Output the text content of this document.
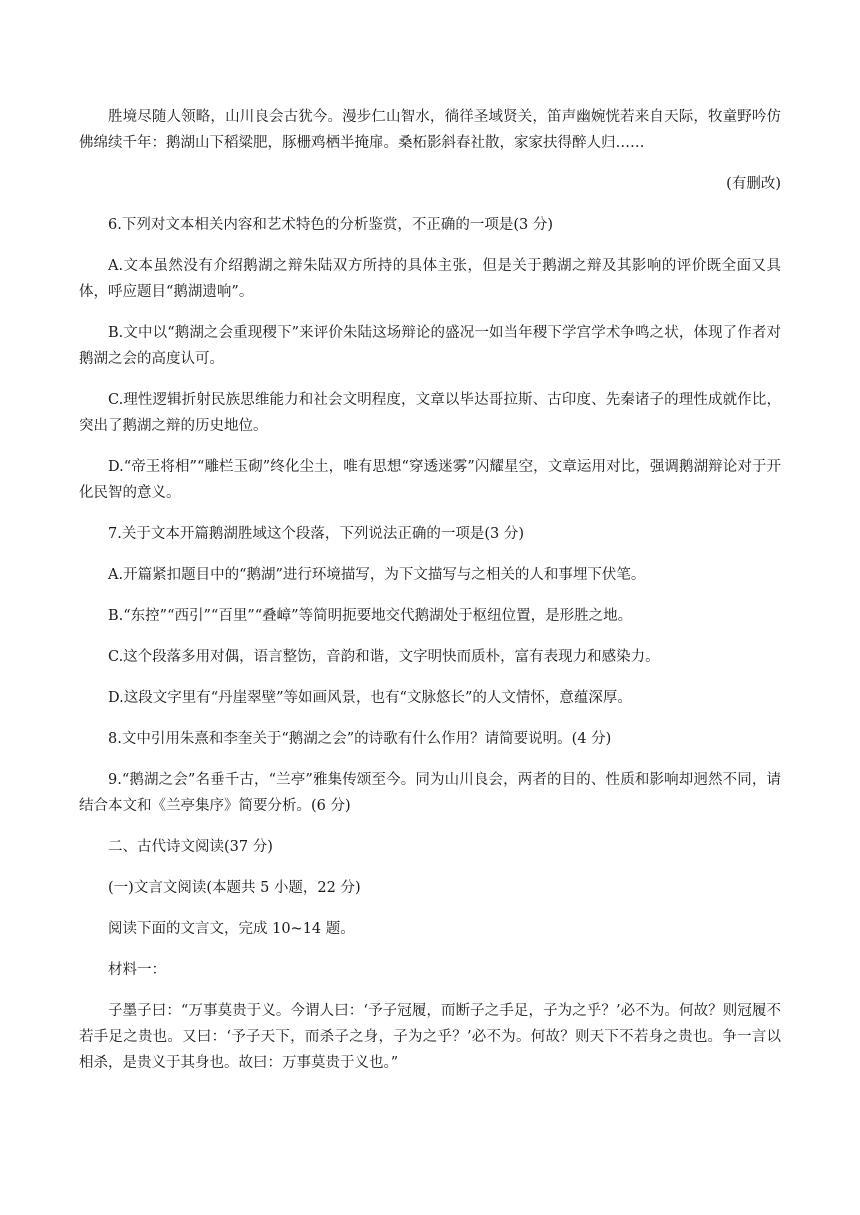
胜境尽随人领略，山川良会古犹今。漫步仁山智水，徜徉圣域贤关，笛声幽婉恍若来自天际，牧童野吟仿佛绵续千年：鹅湖山下稻粱肥，豚栅鸡栖半掩扉。桑柘影斜春社散，家家扶得醉人归……

(有删改)

6.下列对文本相关内容和艺术特色的分析鉴赏，不正确的一项是(3 分)

A.文本虽然没有介绍鹅湖之辩朱陆双方所持的具体主张，但是关于鹅湖之辩及其影响的评价既全面又具体，呼应题目“鹅湖遗响”。

B.文中以“鹅湖之会重现稷下”来评价朱陆这场辩论的盛况一如当年稷下学宫学术争鸣之状，体现了作者对鹅湖之会的高度认可。

C.理性逻辑折射民族思维能力和社会文明程度，文章以毕达哥拉斯、古印度、先秦诸子的理性成就作比，突出了鹅湖之辩的历史地位。

D.“帝王将相”“雕栏玉砌”终化尘土，唯有思想“穿透迷雾”闪耀星空，文章运用对比，强调鹅湖辩论对于开化民智的意义。

7.关于文本开篇鹅湖胜域这个段落，下列说法正确的一项是(3 分)

A.开篇紧扣题目中的“鹅湖”进行环境描写，为下文描写与之相关的人和事埋下伏笔。

B.“东控”“西引”“百里”“叠嶂”等简明扼要地交代鹅湖处于枢纽位置，是形胜之地。

C.这个段落多用对偶，语言整饬，音韵和谐，文字明快而质朴，富有表现力和感染力。

D.这段文字里有“丹崖翠壁”等如画风景，也有“文脉悠长”的人文情怀，意蕴深厚。

8.文中引用朱熹和李奎关于“鹅湖之会”的诗歌有什么作用？请简要说明。(4 分)

9.“鹅湖之会”名垂千古，“兰亭”雅集传颂至今。同为山川良会，两者的目的、性质和影响却迥然不同，请结合本文和《兰亭集序》简要分析。(6 分)

二、古代诗文阅读(37 分)

(一)文言文阅读(本题共 5 小题，22 分)

阅读下面的文言文，完成 10~14 题。

材料一：

子墨子曰：“万事莫贵于义。今谓人曰：‘予子冠履，而断子之手足，子为之乎？’必不为。何故？则冠履不若手足之贵也。又曰：‘予子天下，而杀子之身，子为之乎？’必不为。何故？则天下不若身之贵也。争一言以相杀，是贵义于其身也。故曰：万事莫贵于义也。”
